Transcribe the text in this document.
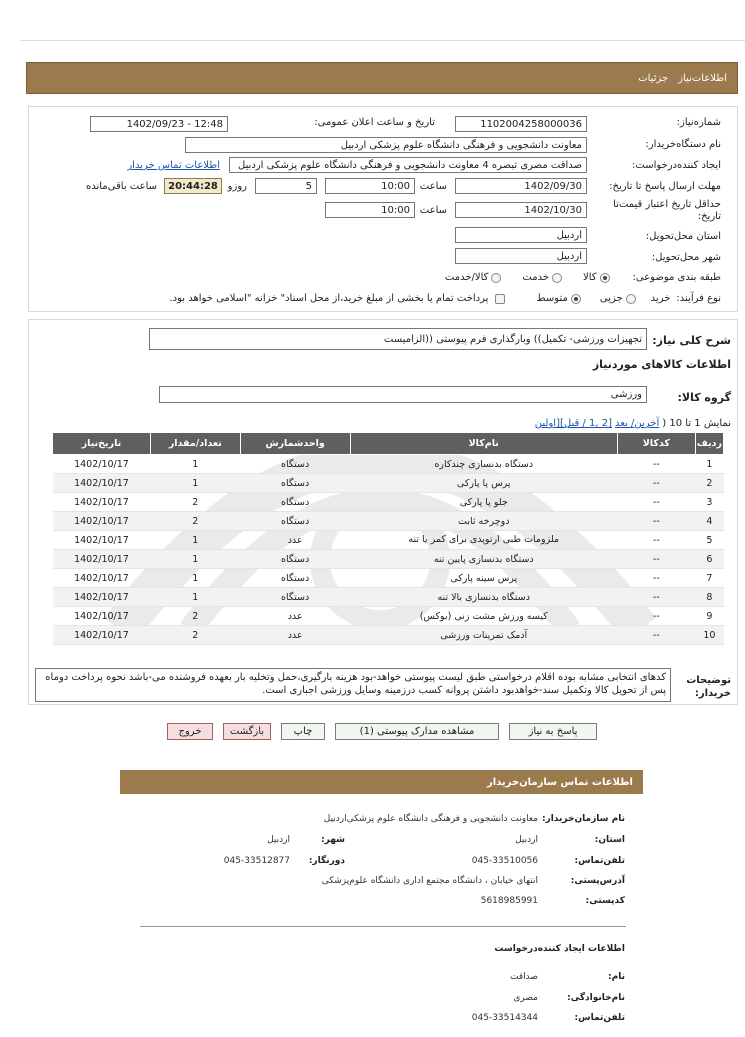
اطلاعات‌نیاز
جزئیات
شماره‌نیاز:
1102004258000036
تاریخ و ساعت اعلان عمومی:
1402/09/23 - 12:48
نام دستگاه‌خریدار:
معاونت دانشجویی و فرهنگی دانشگاه علوم پزشکی اردبیل
ایجاد کننده‌درخواست:
صداقت مصری تبصره 4 معاونت دانشجویی و فرهنگی دانشگاه علوم پزشکی اردبیل
اطلاعات تماس خریدار
مهلت ارسال پاسخ تا تاریخ:
1402/09/30
ساعت
10:00
5
روزو
20:44:28
ساعت باقی‌مانده
حداقل تاریخ اعتبار قیمت‌تا تاریخ:
1402/10/30
ساعت
10:00
استان محل‌تحویل:
اردبیل
شهر محل‌تحویل:
اردبیل
طبقه بندی موضوعی:
کالا
خدمت
کالا/خدمت
نوع فرآیند:
خرید
جزیی
متوسط
پرداخت تمام یا بخشی از مبلغ خرید،از محل اسناد" خزانه "اسلامی خواهد بود.
شرح کلی نیاز:
تجهیزات ورزشی- تکمیل)) وبارگذاری فرم پیوستی ((الزامیست
اطلاعات کالاهای موردنیاز
گروه کالا:
ورزشی
نمایش 1 تا 10 (
آخرین/ بعد
[2 ,1 / قبل][اولین
ردیف	کدکالا	نام‌کالا	واحدشمارش	تعداد/مقدار	تاریخ‌نیاز
1	--	دستگاه بدنسازی چندکاره	دستگاه	1	1402/10/17
2	--	پرس پا پارکی	دستگاه	1	1402/10/17
3	--	جلو پا پارکی	دستگاه	2	1402/10/17
4	--	دوچرخه ثابت	دستگاه	2	1402/10/17
5	--	ملزومات طبی ارتوپدی برای کمر یا تنه	عدد	1	1402/10/17
6	--	دستگاه بدنسازی پایین تنه	دستگاه	1	1402/10/17
7	--	پرس سینه پارکی	دستگاه	1	1402/10/17
8	--	دستگاه بدنسازی بالا تنه	دستگاه	1	1402/10/17
9	--	کیسه ورزش مشت زنی (بوکس)	عدد	2	1402/10/17
10	--	آدمک تمرینات ورزشی	عدد	2	1402/10/17
توضیحات خریدار:
کدهای انتخابی مشابه بوده اقلام درخواستی طبق لیست پیوستی خواهد-بود هزینه بارگیری،حمل وتخلیه بار بعهده فروشنده می-باشد نحوه پرداخت دوماه پس از تحویل کالا وتکمیل سند-خواهدبود داشتن پروانه کسب درزمینه وسایل ورزشی اجباری است.
پاسخ به نیاز
مشاهده مدارک پیوستی (1)
چاپ
بازگشت
خروج
اطلاعات تماس سازمان‌خریدار
نام سازمان‌خریدار:
معاونت دانشجویی و فرهنگی دانشگاه علوم پزشکی‌اردبیل
استان:
اردبیل
شهر:
اردبیل
تلفن‌تماس:
045-33510056
دورنگار:
045-33512877
آدرس‌پستی:
انتهای خیابان ، دانشگاه مجتمع اداری دانشگاه علوم‌پزشکی
کدپستی:
5618985991
اطلاعات ایجاد کننده‌درخواست
نام:
صداقت
نام‌خانوادگی:
مصری
تلفن‌تماس:
045-33514344
